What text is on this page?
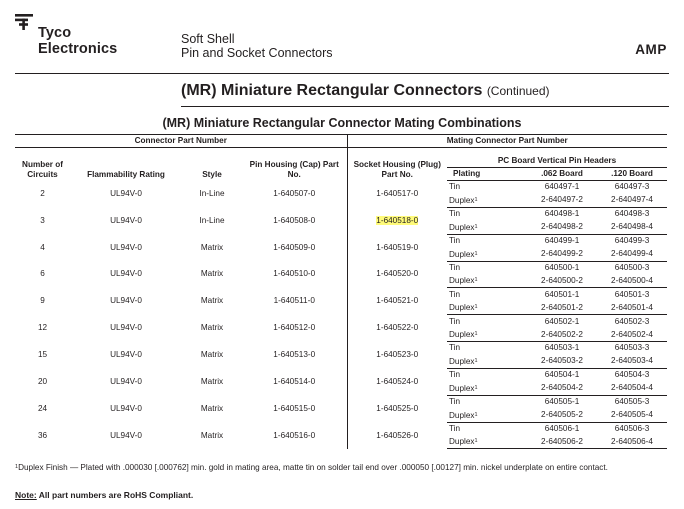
Tyco
Electronics
Soft Shell
Pin and Socket Connectors	AMP
(MR) Miniature Rectangular Connectors (Continued)
(MR) Miniature Rectangular Connector Mating Combinations
Connector Part Number				Mating Connector Part Number			
Number of Circuits	Flammability Rating	Style	Pin Housing (Cap) Part No.	Socket Housing (Plug) Part No.	PC Board Vertical Pin Headers		
					Plating	.062 Board	.120 Board
2	UL94V-0	In-Line	1-640507-0	1-640517-0	Tin	640497-1	640497-3
					Duplex$^1$	2-640497-2	2-640497-4
3	UL94V-0	In-Line	1-640508-0	1-640518-0	Tin	640498-1	640498-3
					Duplex$^1$	2-640498-2	2-640498-4
4	UL94V-0	Matrix	1-640509-0	1-640519-0	Tin	640499-1	640499-3
					Duplex$^1$	2-640499-2	2-640499-4
6	UL94V-0	Matrix	1-640510-0	1-640520-0	Tin	640500-1	640500-3
					Duplex$^1$	2-640500-2	2-640500-4
9	UL94V-0	Matrix	1-640511-0	1-640521-0	Tin	640501-1	640501-3
					Duplex$^1$	2-640501-2	2-640501-4
12	UL94V-0	Matrix	1-640512-0	1-640522-0	Tin	640502-1	640502-3
					Duplex$^1$	2-640502-2	2-640502-4
15	UL94V-0	Matrix	1-640513-0	1-640523-0	Tin	640503-1	640503-3
					Duplex$^1$	2-640503-2	2-640503-4
20	UL94V-0	Matrix	1-640514-0	1-640524-0	Tin	640504-1	640504-3
					Duplex$^1$	2-640504-2	2-640504-4
24	UL94V-0	Matrix	1-640515-0	1-640525-0	Tin	640505-1	640505-3
					Duplex$^1$	2-640505-2	2-640505-4
36	UL94V-0	Matrix	1-640516-0	1-640526-0	Tin	640506-1	640506-3
					Duplex$^1$	2-640506-2	2-640506-4
$^1$Duplex Finish — Plated with .000030 [.000762] min. gold in mating area, matte tin on solder tail end over .000050 [.00127] min. nickel underplate on entire contact.
Note: All part numbers are RoHS Compliant.
